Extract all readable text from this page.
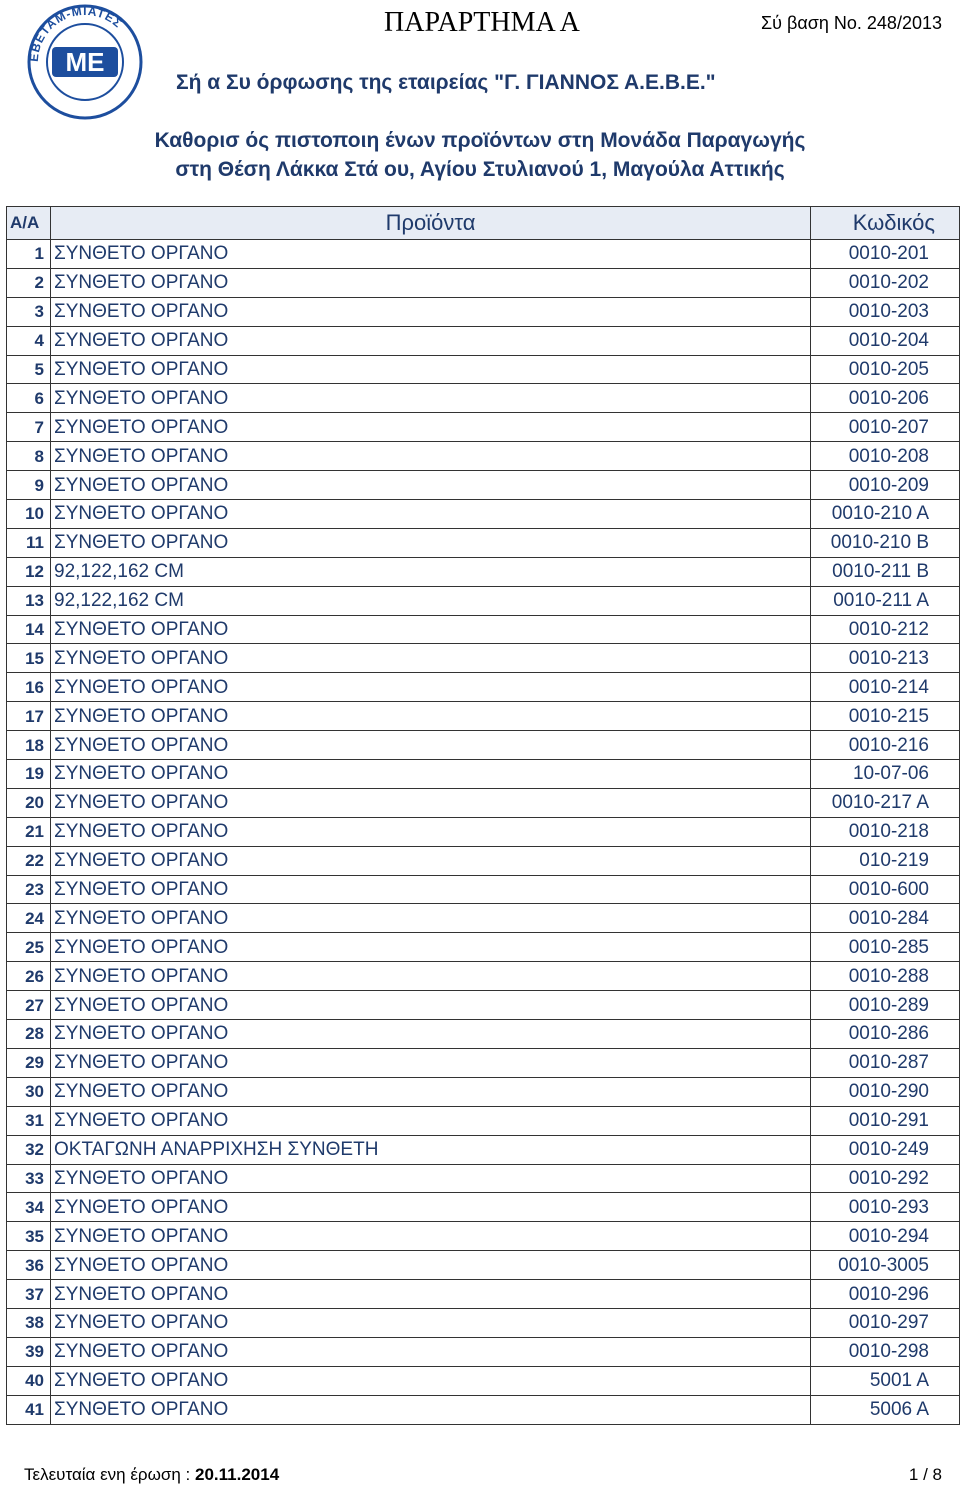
ΕΒΕΤΑΜ-ΜΙΑΤΕΣ
ME
ΠΑΡΑΡΤΗΜΑ Α	Σύ βαση Νο. 248/2013
Σή α Συ όρφωσης της εταιρείας "Γ. ΓΙΑΝΝΟΣ Α.Ε.Β.Ε."
Καθορισ ός πιστοποιη ένων προϊόντων στη Μονάδα Παραγωγής
στη Θέση Λάκκα Στά ου, Αγίου Στυλιανού 1, Μαγούλα Αττικής
Α/Α	Προϊόντα	Κωδικός
1	ΣΥΝΘΕΤΟ ΟΡΓΑΝΟ	0010-201
2	ΣΥΝΘΕΤΟ ΟΡΓΑΝΟ	0010-202
3	ΣΥΝΘΕΤΟ ΟΡΓΑΝΟ	0010-203
4	ΣΥΝΘΕΤΟ ΟΡΓΑΝΟ	0010-204
5	ΣΥΝΘΕΤΟ ΟΡΓΑΝΟ	0010-205
6	ΣΥΝΘΕΤΟ ΟΡΓΑΝΟ	0010-206
7	ΣΥΝΘΕΤΟ ΟΡΓΑΝΟ	0010-207
8	ΣΥΝΘΕΤΟ ΟΡΓΑΝΟ	0010-208
9	ΣΥΝΘΕΤΟ ΟΡΓΑΝΟ	0010-209
10	ΣΥΝΘΕΤΟ ΟΡΓΑΝΟ	0010-210 A
11	ΣΥΝΘΕΤΟ ΟΡΓΑΝΟ	0010-210 B
12	92,122,162 CM	0010-211 B
13	92,122,162 CM	0010-211 A
14	ΣΥΝΘΕΤΟ ΟΡΓΑΝΟ	0010-212
15	ΣΥΝΘΕΤΟ ΟΡΓΑΝΟ	0010-213
16	ΣΥΝΘΕΤΟ ΟΡΓΑΝΟ	0010-214
17	ΣΥΝΘΕΤΟ ΟΡΓΑΝΟ	0010-215
18	ΣΥΝΘΕΤΟ ΟΡΓΑΝΟ	0010-216
19	ΣΥΝΘΕΤΟ ΟΡΓΑΝΟ	10-07-06
20	ΣΥΝΘΕΤΟ ΟΡΓΑΝΟ	0010-217 A
21	ΣΥΝΘΕΤΟ ΟΡΓΑΝΟ	0010-218
22	ΣΥΝΘΕΤΟ ΟΡΓΑΝΟ	010-219
23	ΣΥΝΘΕΤΟ ΟΡΓΑΝΟ	0010-600
24	ΣΥΝΘΕΤΟ ΟΡΓΑΝΟ	0010-284
25	ΣΥΝΘΕΤΟ ΟΡΓΑΝΟ	0010-285
26	ΣΥΝΘΕΤΟ ΟΡΓΑΝΟ	0010-288
27	ΣΥΝΘΕΤΟ ΟΡΓΑΝΟ	0010-289
28	ΣΥΝΘΕΤΟ ΟΡΓΑΝΟ	0010-286
29	ΣΥΝΘΕΤΟ ΟΡΓΑΝΟ	0010-287
30	ΣΥΝΘΕΤΟ ΟΡΓΑΝΟ	0010-290
31	ΣΥΝΘΕΤΟ ΟΡΓΑΝΟ	0010-291
32	ΟΚΤΑΓΩΝΗ ΑΝΑΡΡΙΧΗΣΗ ΣΥΝΘΕΤΗ	0010-249
33	ΣΥΝΘΕΤΟ ΟΡΓΑΝΟ	0010-292
34	ΣΥΝΘΕΤΟ ΟΡΓΑΝΟ	0010-293
35	ΣΥΝΘΕΤΟ ΟΡΓΑΝΟ	0010-294
36	ΣΥΝΘΕΤΟ ΟΡΓΑΝΟ	0010-3005
37	ΣΥΝΘΕΤΟ ΟΡΓΑΝΟ	0010-296
38	ΣΥΝΘΕΤΟ ΟΡΓΑΝΟ	0010-297
39	ΣΥΝΘΕΤΟ ΟΡΓΑΝΟ	0010-298
40	ΣΥΝΘΕΤΟ ΟΡΓΑΝΟ	5001 A
41	ΣΥΝΘΕΤΟ ΟΡΓΑΝΟ	5006 A
Τελευταία ενη έρωση : 20.11.2014	1 / 8
